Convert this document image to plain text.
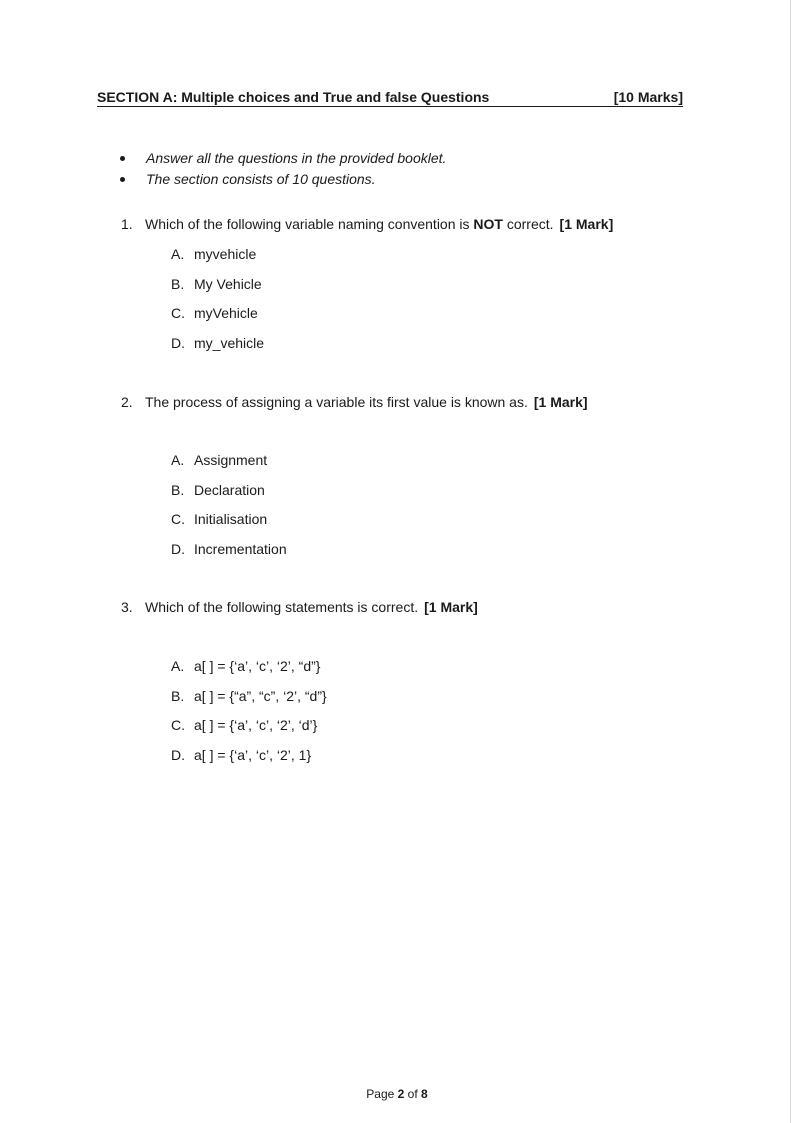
SECTION A: Multiple choices and True and false Questions	[10 Marks]
Answer all the questions in the provided booklet.
The section consists of 10 questions.
1. Which of the following variable naming convention is NOT correct. [1 Mark]
A. myvehicle
B. My Vehicle
C. myVehicle
D. my_vehicle
2. The process of assigning a variable its first value is known as. [1 Mark]
A. Assignment
B. Declaration
C. Initialisation
D. Incrementation
3. Which of the following statements is correct. [1 Mark]
A. a[ ] = {‘a’, ‘c’, ‘2’, “d”}
B. a[ ] = {“a”, “c”, ‘2’, “d”}
C. a[ ] = {‘a’, ‘c’, ‘2’, ‘d’}
D. a[ ] = {‘a’, ‘c’, ‘2’, 1}
Page 2 of 8
